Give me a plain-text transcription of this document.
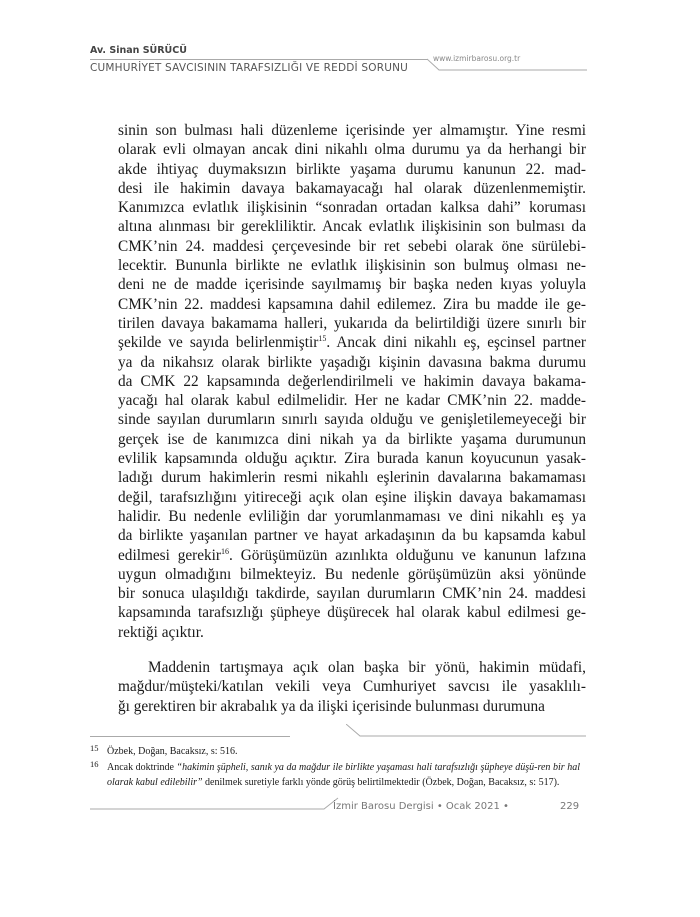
Av. Sinan SÜRÜCÜ
CUMHURİYET SAVCISININ TARAFSIZLIĞI VE REDDİ SORUNU
www.izmirbarosu.org.tr
sinin son bulması hali düzenleme içerisinde yer almamıştır. Yine resmi
olarak evli olmayan ancak dini nikahlı olma durumu ya da herhangi bir
akde ihtiyaç duymaksızın birlikte yaşama durumu kanunun 22. mad-
desi ile hakimin davaya bakamayacağı hal olarak düzenlenmemiştir.
Kanımızca evlatlık ilişkisinin “sonradan ortadan kalksa dahi” koruması
altına alınması bir gerekliliktir. Ancak evlatlık ilişkisinin son bulması da
CMK’nin 24. maddesi çerçevesinde bir ret sebebi olarak öne sürülebi-
lecektir. Bununla birlikte ne evlatlık ilişkisinin son bulmuş olması ne-
deni ne de madde içerisinde sayılmamış bir başka neden kıyas yoluyla
CMK’nin 22. maddesi kapsamına dahil edilemez. Zira bu madde ile ge-
tirilen davaya bakamama halleri, yukarıda da belirtildiği üzere sınırlı bir
şekilde ve sayıda belirlenmiştir$^{15}$. Ancak dini nikahlı eş, eşcinsel partner
ya da nikahsız olarak birlikte yaşadığı kişinin davasına bakma durumu
da CMK 22 kapsamında değerlendirilmeli ve hakimin davaya bakama-
yacağı hal olarak kabul edilmelidir. Her ne kadar CMK’nin 22. madde-
sinde sayılan durumların sınırlı sayıda olduğu ve genişletilemeyeceği bir
gerçek ise de kanımızca dini nikah ya da birlikte yaşama durumunun
evlilik kapsamında olduğu açıktır. Zira burada kanun koyucunun yasak-
ladığı durum hakimlerin resmi nikahlı eşlerinin davalarına bakamaması
değil, tarafsızlığını yitireceği açık olan eşine ilişkin davaya bakamaması
halidir. Bu nedenle evliliğin dar yorumlanmaması ve dini nikahlı eş ya
da birlikte yaşanılan partner ve hayat arkadaşının da bu kapsamda kabul
edilmesi gerekir$^{16}$. Görüşümüzün azınlıkta olduğunu ve kanunun lafzına
uygun olmadığını bilmekteyiz. Bu nedenle görüşümüzün aksi yönünde
bir sonuca ulaşıldığı takdirde, sayılan durumların CMK’nin 24. maddesi
kapsamında tarafsızlığı şüpheye düşürecek hal olarak kabul edilmesi ge-
rektiği açıktır.
Maddenin tartışmaya açık olan başka bir yönü, hakimin müdafi,
mağdur/müşteki/katılan vekili veya Cumhuriyet savcısı ile yasaklılı-
ğı gerektiren bir akrabalık ya da ilişki içerisinde bulunması durumuna
15 Özbek, Doğan, Bacaksız, s: 516.
16 Ancak doktrinde “hakimin şüpheli, sanık ya da mağdur ile birlikte yaşaması hali tarafsızlığı şüpheye düşü-ren bir hal olarak kabul edilebilir” denilmek suretiyle farklı yönde görüş belirtilmektedir (Özbek, Doğan, Bacaksız, s: 517).
İzmir Barosu Dergisi • Ocak 2021 •	229
